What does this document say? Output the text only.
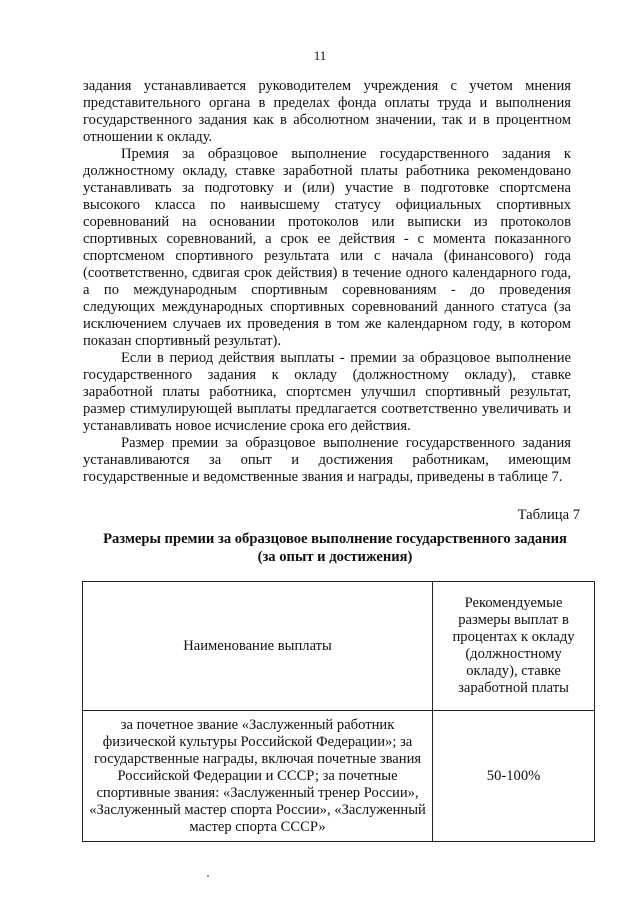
11

задания устанавливается руководителем учреждения с учетом мнения представительного органа в пределах фонда оплаты труда и выполнения государственного задания как в абсолютном значении, так и в процентном отношении к окладу.

Премия за образцовое выполнение государственного задания к должностному окладу, ставке заработной платы работника рекомендовано устанавливать за подготовку и (или) участие в подготовке спортсмена высокого класса по наивысшему статусу официальных спортивных соревнований на основании протоколов или выписки из протоколов спортивных соревнований, а срок ее действия - с момента показанного спортсменом спортивного результата или с начала (финансового) года (соответственно, сдвигая срок действия) в течение одного календарного года, а по международным спортивным соревнованиям - до проведения следующих международных спортивных соревнований данного статуса (за исключением случаев их проведения в том же календарном году, в котором показан спортивный результат).

Если в период действия выплаты - премии за образцовое выполнение государственного задания к окладу (должностному окладу), ставке заработной платы работника, спортсмен улучшил спортивный результат, размер стимулирующей выплаты предлагается соответственно увеличивать и устанавливать новое исчисление срока его действия.

Размер премии за образцовое выполнение государственного задания устанавливаются за опыт и достижения работникам, имеющим государственные и ведомственные звания и награды, приведены в таблице 7.

Таблица 7
Размеры премии за образцовое выполнение государственного задания
(за опыт и достижения)
Наименование выплаты	Рекомендуемые размеры выплат в процентах к окладу (должностному окладу), ставке заработной платы
за почетное звание «Заслуженный работник физической культуры Российской Федерации»; за государственные награды, включая почетные звания Российской Федерации и СССР; за почетные спортивные звания: «Заслуженный тренер России», «Заслуженный мастер спорта России», «Заслуженный мастер спорта СССР»	50-100%
